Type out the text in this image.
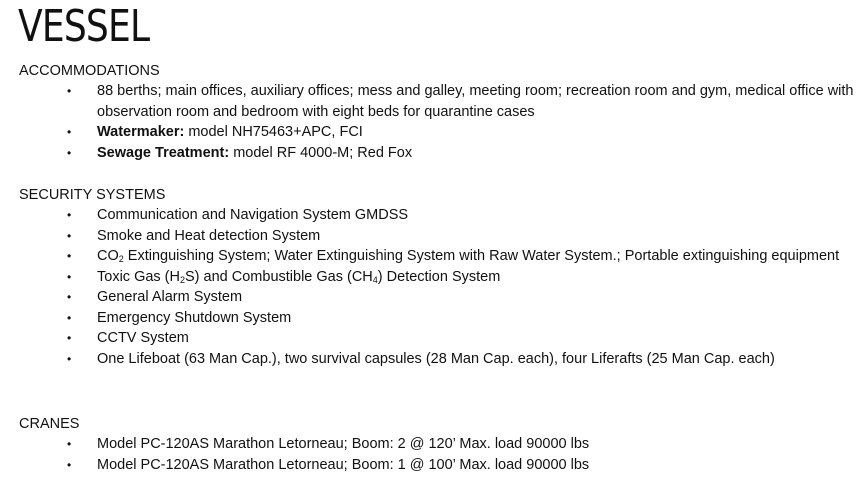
VESSEL
ACCOMMODATIONS
• 88 berths; main offices, auxiliary offices; mess and galley, meeting room; recreation room and gym, medical office with observation room and bedroom with eight beds for quarantine cases
• Watermaker: model NH75463+APC, FCI
• Sewage Treatment: model RF 4000-M; Red Fox
SECURITY SYSTEMS
• Communication and Navigation System GMDSS
• Smoke and Heat detection System
• $CO_2$ Extinguishing System; Water Extinguishing System with Raw Water System.; Portable extinguishing equipment
• Toxic Gas $(H_2S)$ and Combustible Gas $(CH_4)$ Detection System
• General Alarm System
• Emergency Shutdown System
• CCTV System
• One Lifeboat (63 Man Cap.), two survival capsules (28 Man Cap. each), four Liferafts (25 Man Cap. each)
CRANES
• Model PC-120AS Marathon Letorneau; Boom: 2 @ 120’ Max. load 90000 lbs
• Model PC-120AS Marathon Letorneau; Boom: 1 @ 100’ Max. load 90000 lbs
